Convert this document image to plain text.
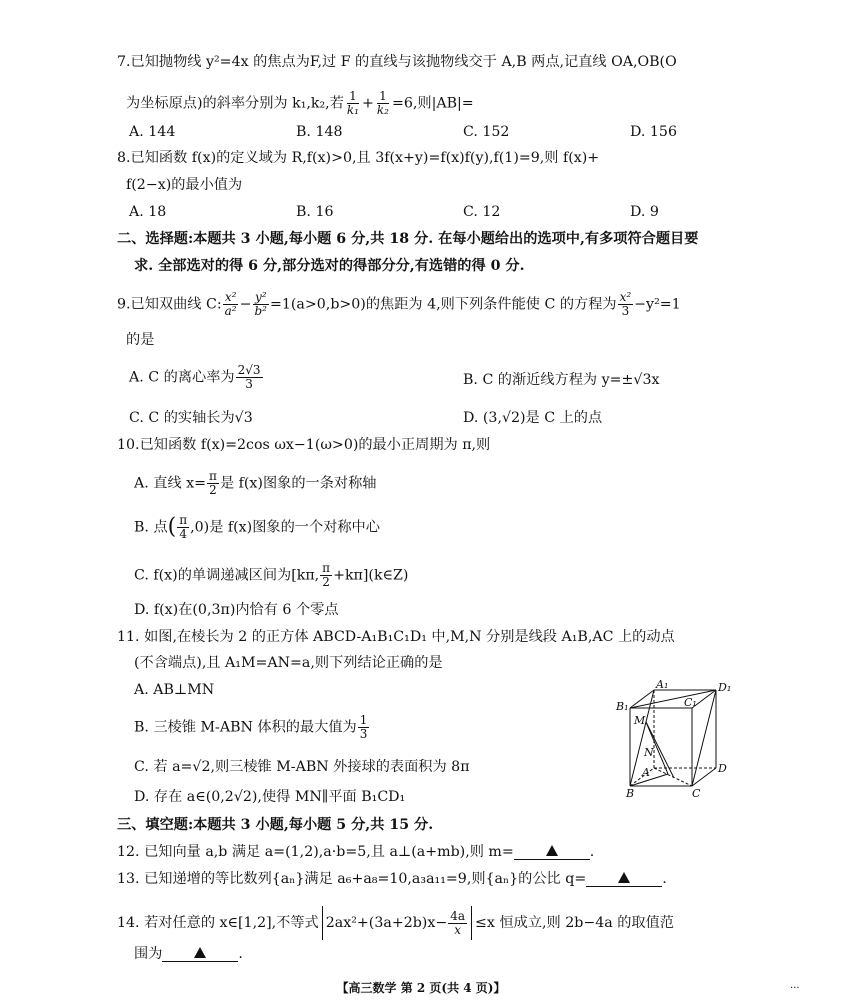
7.已知抛物线 y²=4x 的焦点为F,过 F 的直线与该抛物线交于 A,B 两点,记直线 OA,OB(O
为坐标原点)的斜率分别为 k₁,k₂,若 $\frac{1}{\text{k₁}} + \frac{1}{\text{k₂}} =6$,则|AB|=
A. 144	B. 148	C. 152	D. 156
8.已知函数 f(x)的定义域为 R,f(x)>0,且 3f(x+y)=f(x)f(y),f(1)=9,则 f(x)+
f(2−x)的最小值为
A. 18	B. 16	C. 12	D. 9
二、选择题:本题共 3 小题,每小题 6 分,共 18 分. 在每小题给出的选项中,有多项符合题目要
求. 全部选对的得 6 分,部分选对的得部分分,有选错的得 0 分.
9.已知双曲线 C: $\frac{\text{x²}}{\text{a²}} - \frac{\text{y²}}{\text{b²}} =1(a>0,b>0)$的焦距为 4,则下列条件能使 C 的方程为 $\frac{\text{x²}}{3} -y^2=1$
的是
A. C 的离心率为 $\frac{2√3}{3}$	B. C 的渐近线方程为 y=±√3x
C. C 的实轴长为√3	D. (3,√2)是 C 上的点
10.已知函数 f(x)=2cos ωx−1(ω>0)的最小正周期为 π,则
A. 直线 $x= \frac{\pi}{2}$ 是 f(x)图象的一条对称轴
B. 点( $\frac{\pi}{4} ,0$)是 f(x)图象的一个对称中心
C. f(x)的单调递减区间为[kπ, $\frac{\pi}{2}$ +kπ](k∈Z)
D. f(x)在(0,3π)内恰有 6 个零点
11. 如图,在棱长为 2 的正方体 ABCD-A₁B₁C₁D₁ 中,M,N 分别是线段 A₁B,AC 上的动点
(不含端点),且 A₁M=AN=a,则下列结论正确的是
A. AB⊥MN
B. 三棱锥 M-ABN 体积的最大值为 $\frac{1}{3}$
C. 若 a=√2,则三棱锥 M-ABN 外接球的表面积为 8π
D. 存在 a∈(0,2√2),使得 MN∥平面 B₁CD₁
A₁	D₁
B₁	C₁
M
N
A	D
B	C
三、填空题:本题共 3 小题,每小题 5 分,共 15 分.
12. 已知向量 a,b 满足 a=(1,2),a·b=5,且 a⊥(a+mb),则 m=	.
13. 已知递增的等比数列{aₙ}满足 a₆+a₈=10,a₃a₁₁=9,则{aₙ}的公比 q=	.
14. 若对任意的 x∈[1,2],不等式 $2ax^2+(3a+2b)x- \frac{4a}{x} \le x$ 恒成立,则 2b−4a 的取值范
围为	.
【高三数学 第 2 页(共 4 页)】	...
